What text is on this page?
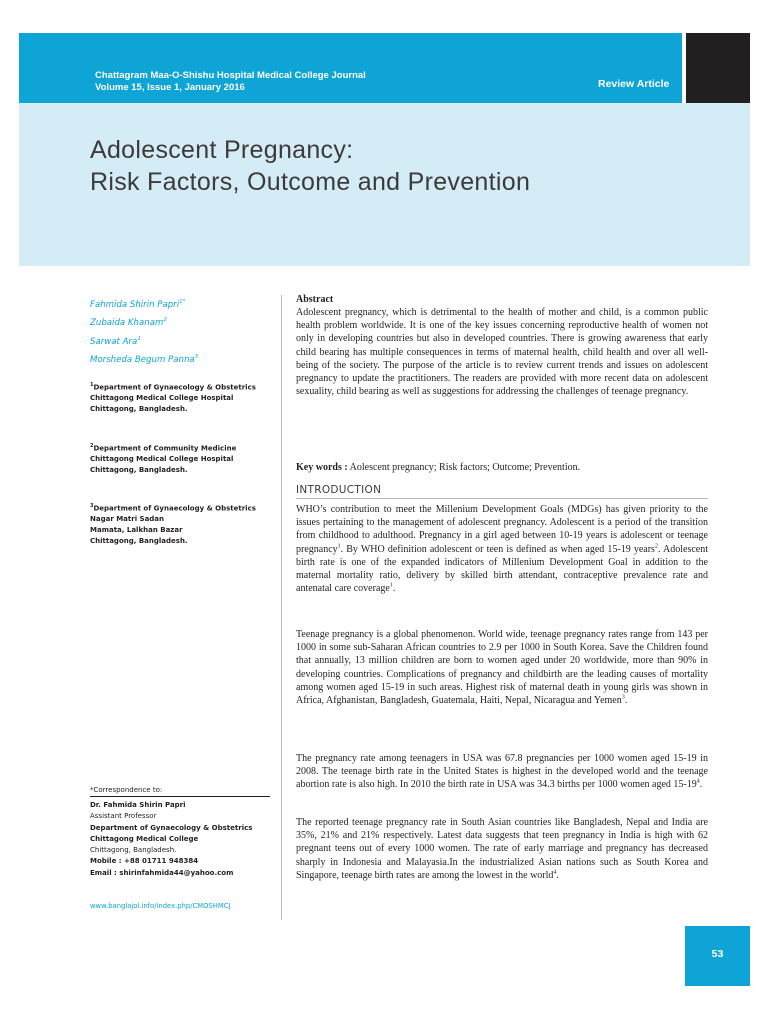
Chattagram Maa-O-Shishu Hospital Medical College Journal
Volume 15, Issue 1, January 2016	Review Article
Adolescent Pregnancy:
Risk Factors, Outcome and Prevention
Fahmida Shirin Papri$^{1*}$
Zubaida Khanam$^2$
Sarwat Ara$^1$
Morsheda Begum Panna$^3$
$^1$Department of Gynaecology & Obstetrics
Chittagong Medical College Hospital
Chittagong, Bangladesh.
$^2$Department of Community Medicine
Chittagong Medical College Hospital
Chittagong, Bangladesh.
$^3$Department of Gynaecology & Obstetrics
Nagar Matri Sadan
Mamata, Lalkhan Bazar
Chittagong, Bangladesh.
*Correspondence to:
Dr. Fahmida Shirin Papri
Assistant Professor
Department of Gynaecology & Obstetrics
Chittagong Medical College
Chittagong, Bangladesh.
Mobile : +88 01711 948384
Email : shirinfahmida44@yahoo.com
www.banglajol.info/index.php/CMOSHMCJ
Abstract
Adolescent pregnancy, which is detrimental to the health of mother and child, is a common public health problem worldwide. It is one of the key issues concerning reproductive health of women not only in developing countries but also in developed countries. There is growing awareness that early child bearing has multiple consequences in terms of maternal health, child health and over all well-being of the society. The purpose of the article is to review current trends and issues on adolescent pregnancy to update the practitioners. The readers are provided with more recent data on adolescent sexuality, child bearing as well as suggestions for addressing the challenges of teenage pregnancy.
Key words : Aolescent pregnancy; Risk factors; Outcome; Prevention.
INTRODUCTION
WHO’s contribution to meet the Millenium Development Goals (MDGs) has given priority to the issues pertaining to the management of adolescent pregnancy. Adolescent is a period of the transition from childhood to adulthood. Pregnancy in a girl aged between 10-19 years is adolescent or teenage pregnancy$^1$. By WHO definition adolescent or teen is defined as when aged 15-19 years$^2$. Adolescent birth rate is one of the expanded indicators of Millenium Development Goal in addition to the maternal mortality ratio, delivery by skilled birth attendant, contraceptive prevalence rate and antenatal care coverage$^1$.
Teenage pregnancy is a global phenomenon. World wide, teenage pregnancy rates range from 143 per 1000 in some sub-Saharan African countries to 2.9 per 1000 in South Korea. Save the Children found that annually, 13 million children are born to women aged under 20 worldwide, more than 90% in developing countries. Complications of pregnancy and childbirth are the leading causes of mortality among women aged 15-19 in such areas. Highest risk of maternal death in young girls was shown in Africa, Afghanistan, Bangladesh, Guatemala, Haiti, Nepal, Nicaragua and Yemen$^3$.
The pregnancy rate among teenagers in USA was 67.8 pregnancies per 1000 women aged 15-19 in 2008. The teenage birth rate in the United States is highest in the developed world and the teenage abortion rate is also high. In 2010 the birth rate in USA was 34.3 births per 1000 women aged $15-19^4$.
The reported teenage pregnancy rate in South Asian countries like Bangladesh, Nepal and India are 35%, 21% and 21% respectively. Latest data suggests that teen pregnancy in India is high with 62 pregnant teens out of every 1000 women. The rate of early marriage and pregnancy has decreased sharply in Indonesia and Malayasia.In the industrialized Asian nations such as South Korea and Singapore, teenage birth rates are among the lowest in the world$^4$.
53
